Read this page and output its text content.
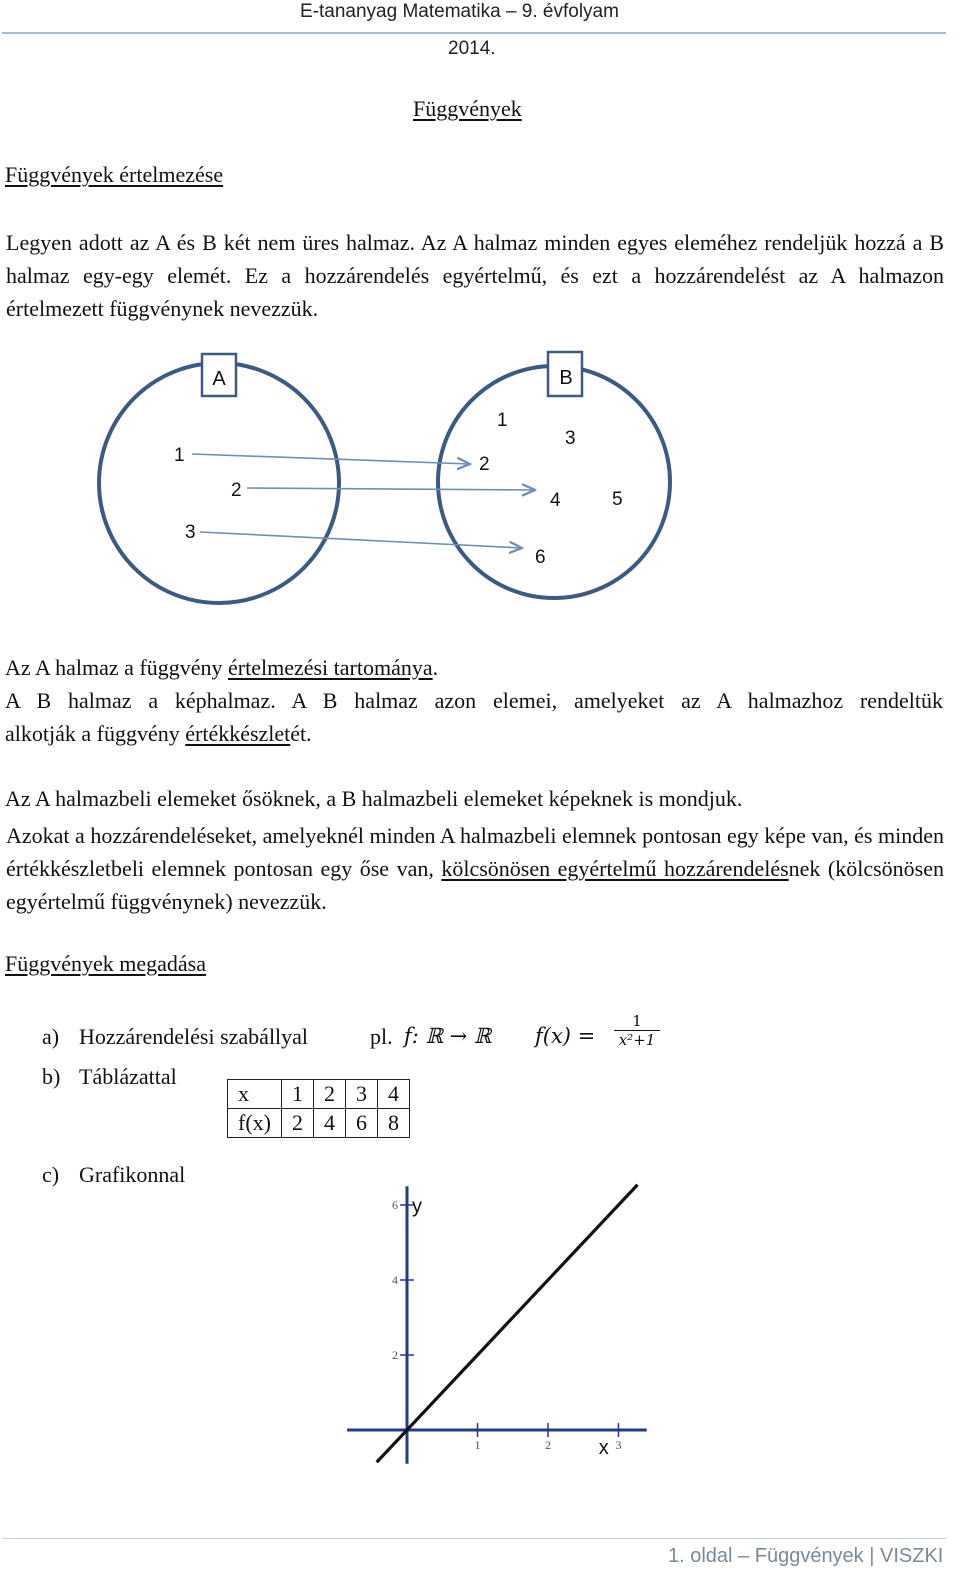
E-tananyag Matematika – 9. évfolyam
2014.
Függvények
Függvények értelmezése
Legyen adott az A és B két nem üres halmaz. Az A halmaz minden egyes eleméhez rendeljük hozzá a B halmaz egy-egy elemét. Ez a hozzárendelés egyértelmű, és ezt a hozzárendelést az A halmazon értelmezett függvénynek nevezzük.
A	B
1
2
3
1
2
3
4	5
6
Az A halmaz a függvény értelmezési tartománya.
A B halmaz a képhalmaz. A B halmaz azon elemei, amelyeket az A halmazhoz rendeltük
alkotják a függvény értékkészletét.
Az A halmazbeli elemeket ősöknek, a B halmazbeli elemeket képeknek is mondjuk.
Azokat a hozzárendeléseket, amelyeknél minden A halmazbeli elemnek pontosan egy képe van, és minden értékkészletbeli elemnek pontosan egy őse van, kölcsönösen egyértelmű hozzárendelésnek (kölcsönösen egyértelmű függvénynek) nevezzük.
Függvények megadása
a) Hozzárendelési szabállyal	pl. 𝑓: ℝ → ℝ 𝑓(𝑥) =
1
𝑥²+1
b) Táblázattal
x	1	2	3	4
f(x)	2	4	6	8
c) Grafikonnal
1	2	3
2
4
6
x
y
1. oldal – Függvények | VISZKI
